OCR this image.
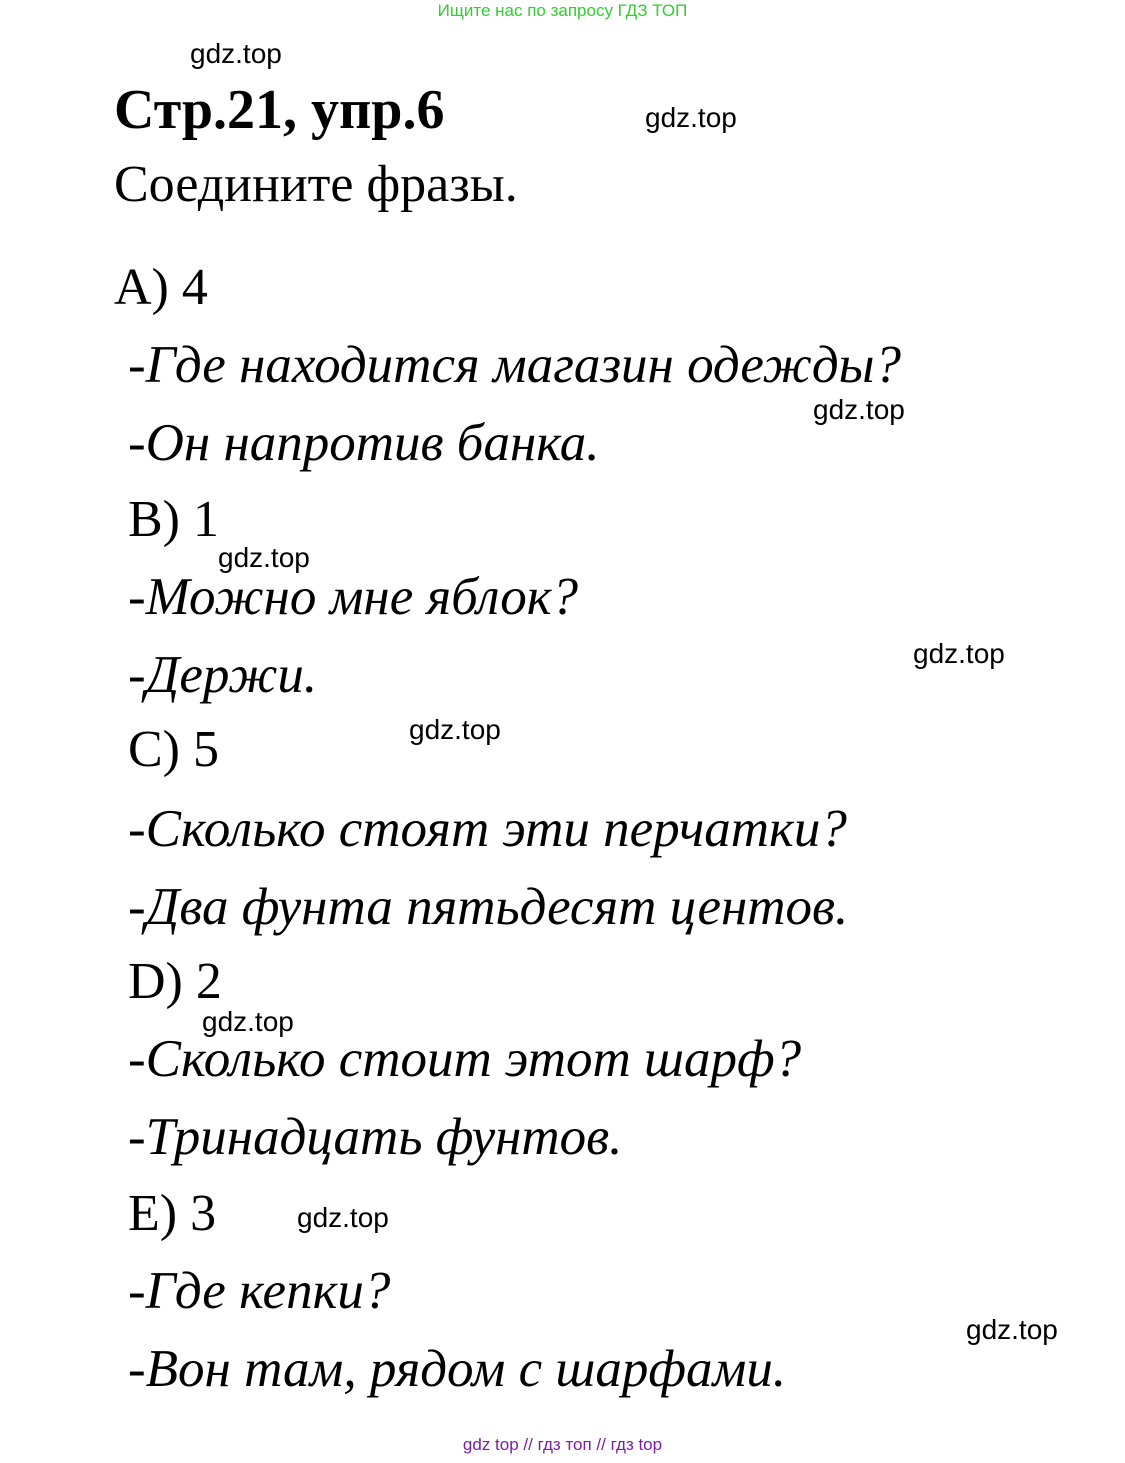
Ищите нас по запросу ГДЗ ТОП
Стр.21, упр.6
Соедините фразы.
A) 4
-Где находится магазин одежды?
-Он напротив банка.
B) 1
-Можно мне яблок?
-Держи.
C) 5
-Сколько стоят эти перчатки?
-Два фунта пятьдесят центов.
D) 2
-Сколько стоит этот шарф?
-Тринадцать фунтов.
E) 3
-Где кепки?
-Вон там, рядом с шарфами.
gdz.top
gdz.top
gdz.top
gdz.top
gdz.top
gdz.top
gdz.top
gdz.top
gdz.top
gdz top // гдз топ // гдз top
